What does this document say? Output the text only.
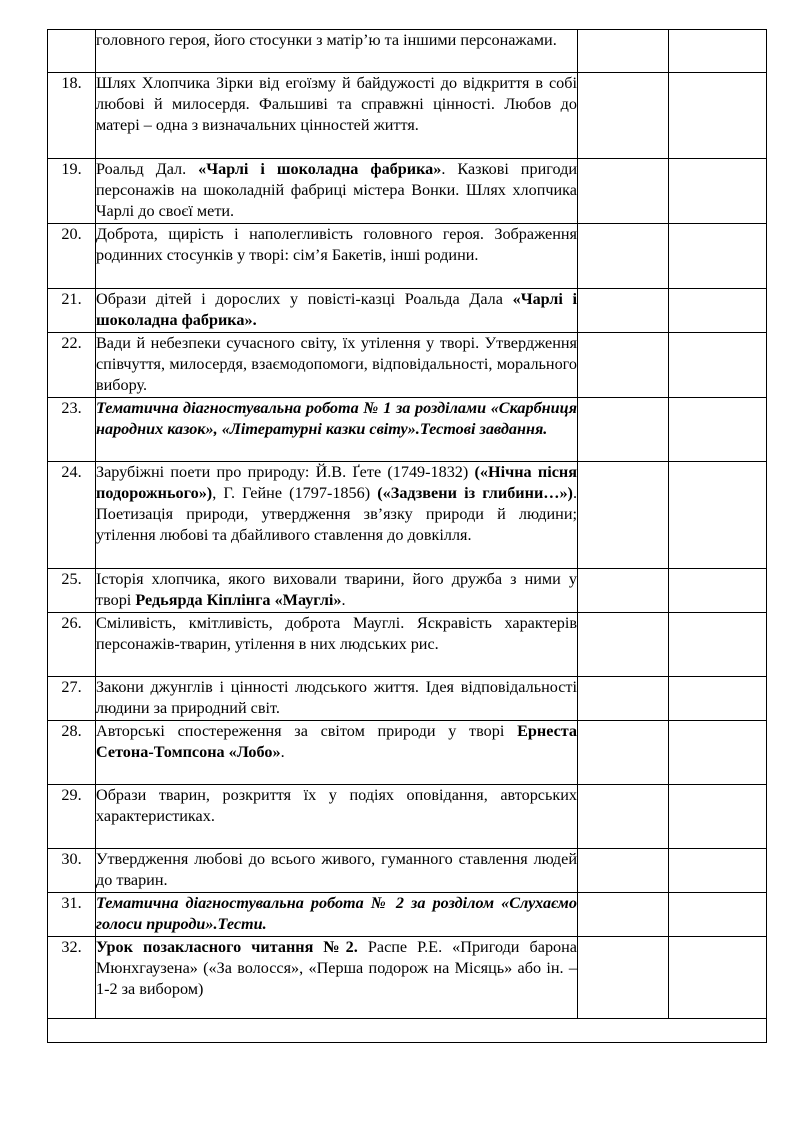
	головного героя, його стосунки з матір’ю та іншими персонажами.		
18.	Шлях Хлопчика Зірки від егоїзму й байдужості до відкриття в собі любові й милосердя. Фальшиві та справжні цінності. Любов до матері – одна з визначальних цінностей життя.		
19.	Роальд Дал. «Чарлі і шоколадна фабрика». Казкові пригоди персонажів на шоколадній фабриці містера Вонки. Шлях хлопчика Чарлі до своєї мети.		
20.	Доброта, щирість і наполегливість головного героя. Зображення родинних стосунків у творі: сім’я Бакетів, інші родини.		
21.	Образи дітей і дорослих у повісті-казці Роальда Дала «Чарлі і шоколадна фабрика».		
22.	Вади й небезпеки сучасного світу, їх утілення у творі. Утвердження співчуття, милосердя, взаємодопомоги, відповідальності, морального вибору.		
23.	Тематична діагностувальна робота № 1 за розділами «Скарбниця народних казок», «Літературні казки світу».Тестові завдання.		
24.	Зарубіжні поети про природу: Й.В. Ґете (1749-1832) («Нічна пісня подорожнього»), Г. Гейне (1797-1856) («Задзвени із глибини…»). Поетизація природи, утвердження зв’язку природи й людини; утілення любові та дбайливого ставлення до довкілля.		
25.	Історія хлопчика, якого виховали тварини, його дружба з ними у творі Редьярда Кіплінга «Мауглі».		
26.	Сміливість, кмітливість, доброта Мауглі. Яскравість характерів персонажів-тварин, утілення в них людських рис.		
27.	Закони джунглів і цінності людського життя. Ідея відповідальності людини за природний світ.		
28.	Авторські спостереження за світом природи у творі Ернеста Сетона-Томпсона «Лобо».		
29.	Образи тварин, розкриття їх у подіях оповідання, авторських характеристиках.		
30.	Утвердження любові до всього живого, гуманного ставлення людей до тварин.		
31.	Тематична діагностувальна робота № 2 за розділом «Слухаємо голоси природи».Тести.		
32.	Урок позакласного читання №2. Распе Р.Е. «Пригоди барона Мюнхгаузена» («За волосся», «Перша подорож на Місяць» або ін. – 1-2 за вибором)		
